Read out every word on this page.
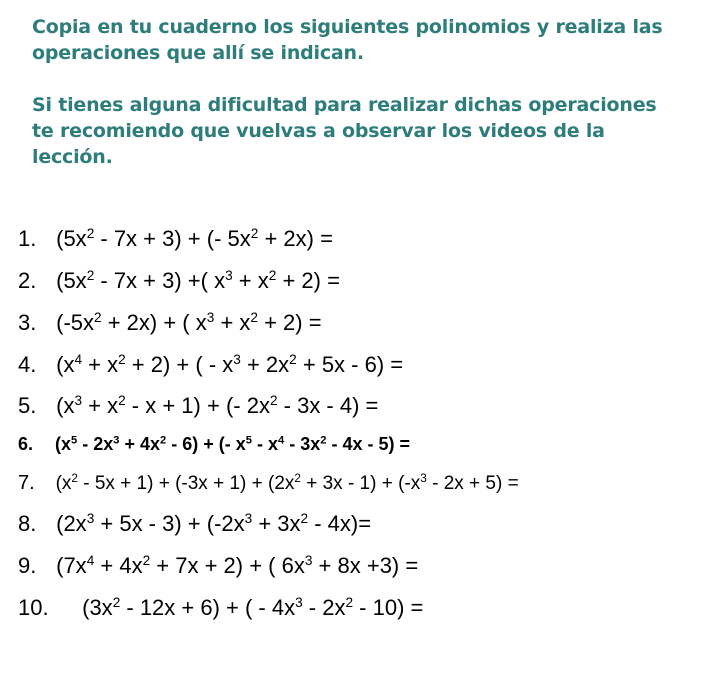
Copia en tu cuaderno los siguientes polinomios y realiza las operaciones que allí se indican.

Si tienes alguna dificultad para realizar dichas operaciones te recomiendo que vuelvas a observar los videos de la lección.

1. $(5x^2 - 7x + 3)$ + (- $5x^2 + 2x$) =
2. $(5x^2 - 7x + 3)$ +( $x^3 + x^2 + 2$) =
3. $(-5x^2 + 2x)$ + ( $x^3 + x^2 + 2$) =
4. $(x^4 + x^2 + 2)$ + ( - $x^3 + 2x^2 + 5x - 6$) =
5. $(x^3 + x^2 - x + 1)$ + (- $2x^2 - 3x - 4$) =
6. $(x^5 - 2x^3 + 4x^2 - 6)$ + (- $x^5 - x^4 - 3x^2 - 4x - 5$) =
7. $(x^2 - 5x + 1) + (-3x + 1) + (2x^2 + 3x - 1) + (-x^3 - 2x + 5)$ =
8. $(2x^3 + 5x - 3) + (-2x^3 + 3x^2 - 4x)=$
9. $(7x^4 + 4x^2 + 7x + 2)$ + ( $6x^3 + 8x +3$) =
10. $(3x^2 - 12x + 6)$ + ( - $4x^3 - 2x^2 - 10$) =
